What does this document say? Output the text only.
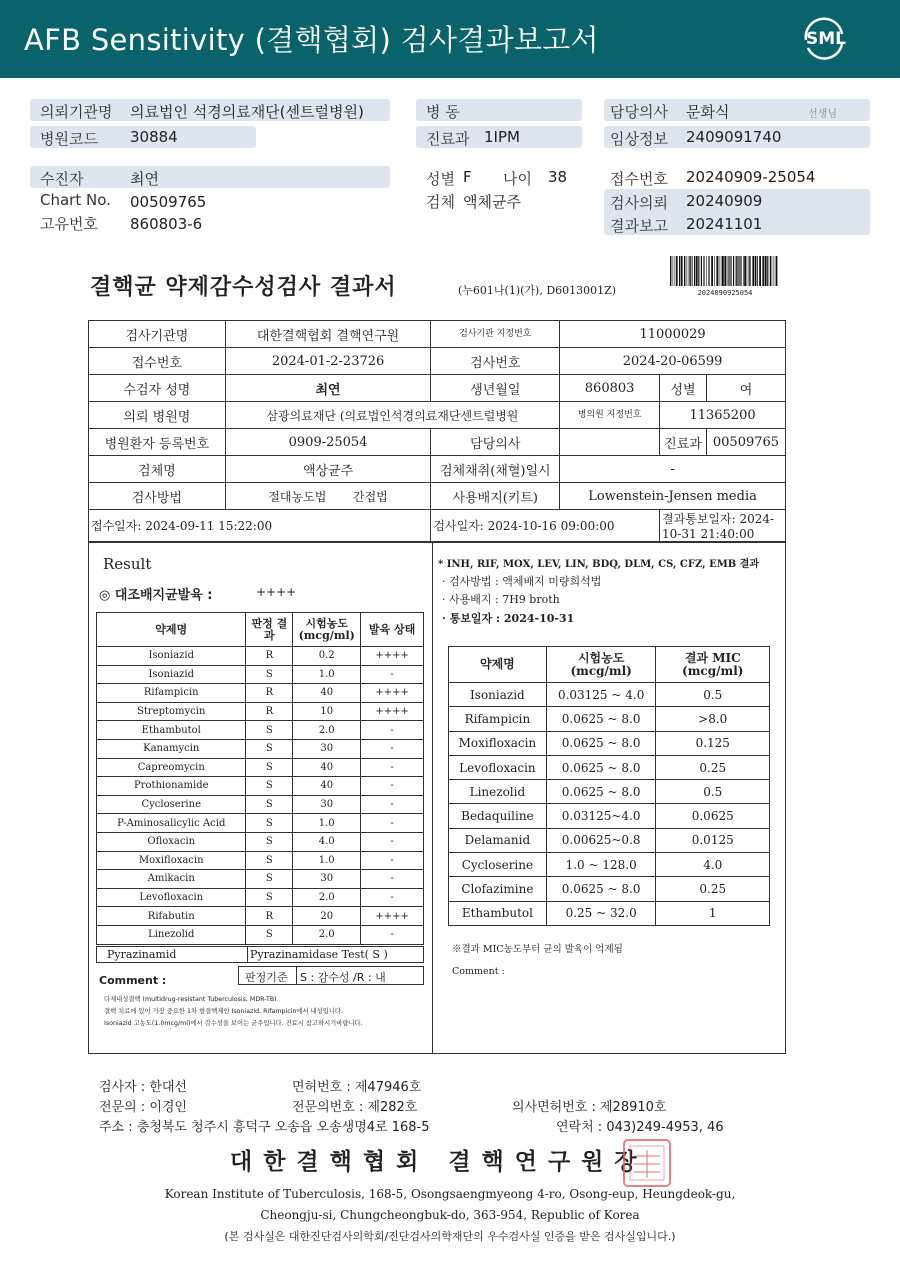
AFB Sensitivity (결핵협회) 검사결과보고서	SML
의뢰기관명 의료법인 석경의료재단(센트럴병원)
병원코드 30884
병 동
진료과 1IPM
담당의사 문화식	선생님
임상정보 2409091740
수진자	최연
Chart No. 00509765
고유번호 860803-6
성별 F 나이 38
검체 액체균주
접수번호 20240909-25054
검사의뢰 20240909
결과보고 20241101
결핵균 약제감수성검사 결과서	(누601나(1)(가), D6013001Z)	2024090925054
검사기관명	대한결핵협회 결핵연구원	검사기관 지정번호	11000029		
접수번호	2024-01-2-23726	검사번호	2024-20-06599		
수검자 성명	최연	생년월일	860803	성별	여
의뢰 병원명	삼광의료재단 (의료법인석경의료재단센트럴병원		병의원 지정번호	11365200	
병원환자 등록번호	0909-25054	담당의사		진료과	00509765
검체명	액상균주	검체채취(채혈)일시	-		
검사방법	절대농도법 간접법	사용배지(키트)	Lowenstein-Jensen media		
접수일자: 2024-09-11 15:22:00		검사일자: 2024-10-16 09:00:00		결과통보일자: 2024-10-31 21:40:00	
Result
◎ 대조배지균발육 :	++++
약제명	판정 결과	시험농도 (mcg/ml)	발육 상태
Isoniazid	R	0.2	++++
Isoniazid	S	1.0	-
Rifampicin	R	40	++++
Streptomycin	R	10	++++
Ethambutol	S	2.0	-
Kanamycin	S	30	-
Capreomycin	S	40	-
Prothionamide	S	40	-
Cycloserine	S	30	-
P-Aminosalicylic Acid	S	1.0	-
Ofloxacin	S	4.0	-
Moxifloxacin	S	1.0	-
Amikacin	S	30	-
Levofloxacin	S	2.0	-
Rifabutin	R	20	++++
Linezolid	S	2.0	-
Pyrazinamid	Pyrazinamidase Test( S )
Comment :	판정기준 S : 감수성 /R : 내
다제내성결핵 (multidrug-resistant Tuberculosis, MDR-TB)
결핵 치료에 있어 가장 중요한 1차 항결핵제인 Isoniazid, Rifampicin에서 내성입니다.
Isoniazid 고농도(1.0mcg/ml)에서 감수성을 보이는 균주입니다. 진료시 참고하시기바랍니다.
* INH, RIF, MOX, LEV, LIN, BDQ, DLM, CS, CFZ, EMB 결과
· 검사방법 : 액체배지 미량희석법
· 사용배지 : 7H9 broth
· 통보일자 : 2024-10-31
약제명	시험농도 (mcg/ml)	결과 MIC (mcg/ml)
Isoniazid	0.03125 ~ 4.0	0.5
Rifampicin	0.0625 ~ 8.0	>8.0
Moxifloxacin	0.0625 ~ 8.0	0.125
Levofloxacin	0.0625 ~ 8.0	0.25
Linezolid	0.0625 ~ 8.0	0.5
Bedaquiline	0.03125~4.0	0.0625
Delamanid	0.00625~0.8	0.0125
Cycloserine	1.0 ~ 128.0	4.0
Clofazimine	0.0625 ~ 8.0	0.25
Ethambutol	0.25 ~ 32.0	1
※결과 MIC농도부터 균의 발육이 억제됨
Comment :
검사자 : 한대선	면허번호 : 제47946호
전문의 : 이경인	전문의번호 : 제282호	의사면허번호 : 제28910호
주소 : 충청북도 청주시 흥덕구 오송읍 오송생명4로 168-5	연락처 : 043)249-4953, 46
대한결핵협회 결핵연구원장
Korean Institute of Tuberculosis, 168-5, Osongsaengmyeong 4-ro, Osong-eup, Heungdeok-gu,
Cheongju-si, Chungcheongbuk-do, 363-954, Republic of Korea
(본 검사실은 대한진단검사의학회/진단검사의학재단의 우수검사실 인증을 받은 검사실입니다.)
